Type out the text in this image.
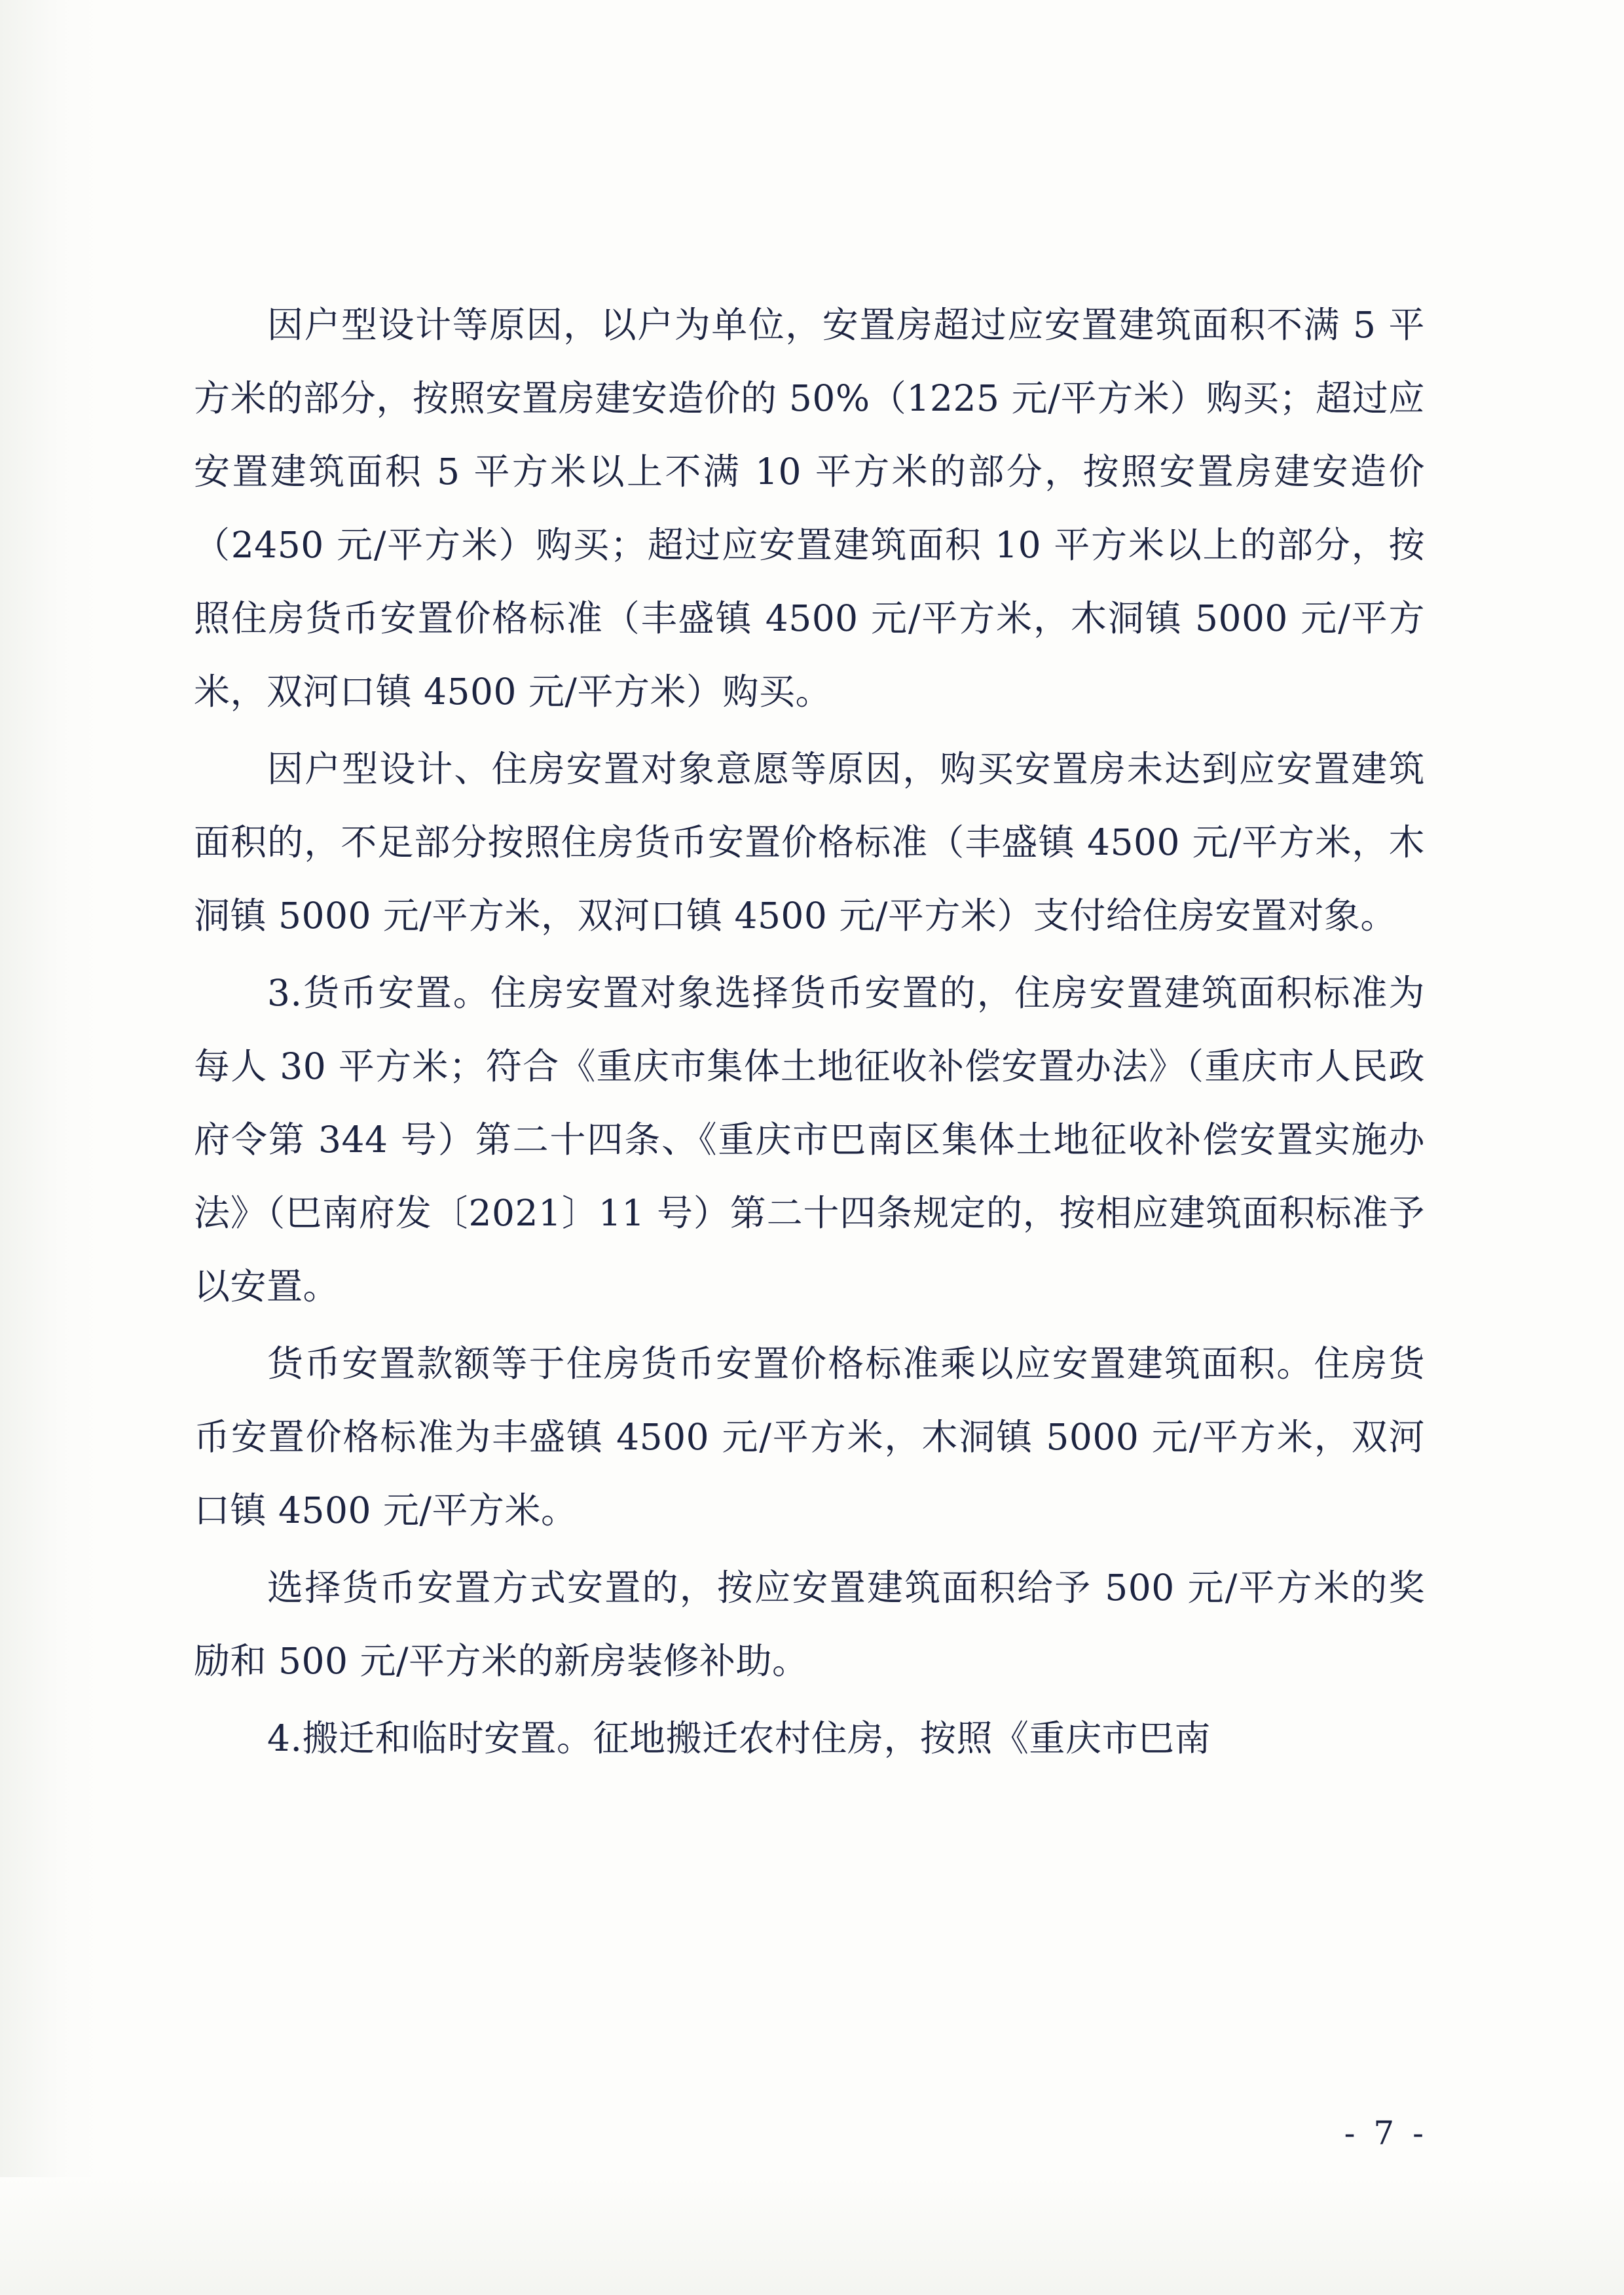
因户型设计等原因，以户为单位，安置房超过应安置建筑面积不满 5 平方米的部分，按照安置房建安造价的 50%（1225 元/平方米）购买；超过应安置建筑面积 5 平方米以上不满 10 平方米的部分，按照安置房建安造价（2450 元/平方米）购买；超过应安置建筑面积 10 平方米以上的部分，按照住房货币安置价格标准（丰盛镇 4500 元/平方米，木洞镇 5000 元/平方米，双河口镇 4500 元/平方米）购买。

因户型设计、住房安置对象意愿等原因，购买安置房未达到应安置建筑面积的，不足部分按照住房货币安置价格标准（丰盛镇 4500 元/平方米，木洞镇 5000 元/平方米，双河口镇 4500 元/平方米）支付给住房安置对象。

3.货币安置。住房安置对象选择货币安置的，住房安置建筑面积标准为每人 30 平方米；符合《重庆市集体土地征收补偿安置办法》（重庆市人民政府令第 344 号）第二十四条、《重庆市巴南区集体土地征收补偿安置实施办法》（巴南府发〔2021〕11 号）第二十四条规定的，按相应建筑面积标准予以安置。

货币安置款额等于住房货币安置价格标准乘以应安置建筑面积。住房货币安置价格标准为丰盛镇 4500 元/平方米，木洞镇 5000 元/平方米，双河口镇 4500 元/平方米。

选择货币安置方式安置的，按应安置建筑面积给予 500 元/平方米的奖励和 500 元/平方米的新房装修补助。

4.搬迁和临时安置。征地搬迁农村住房，按照《重庆市巴南

- 7 -
